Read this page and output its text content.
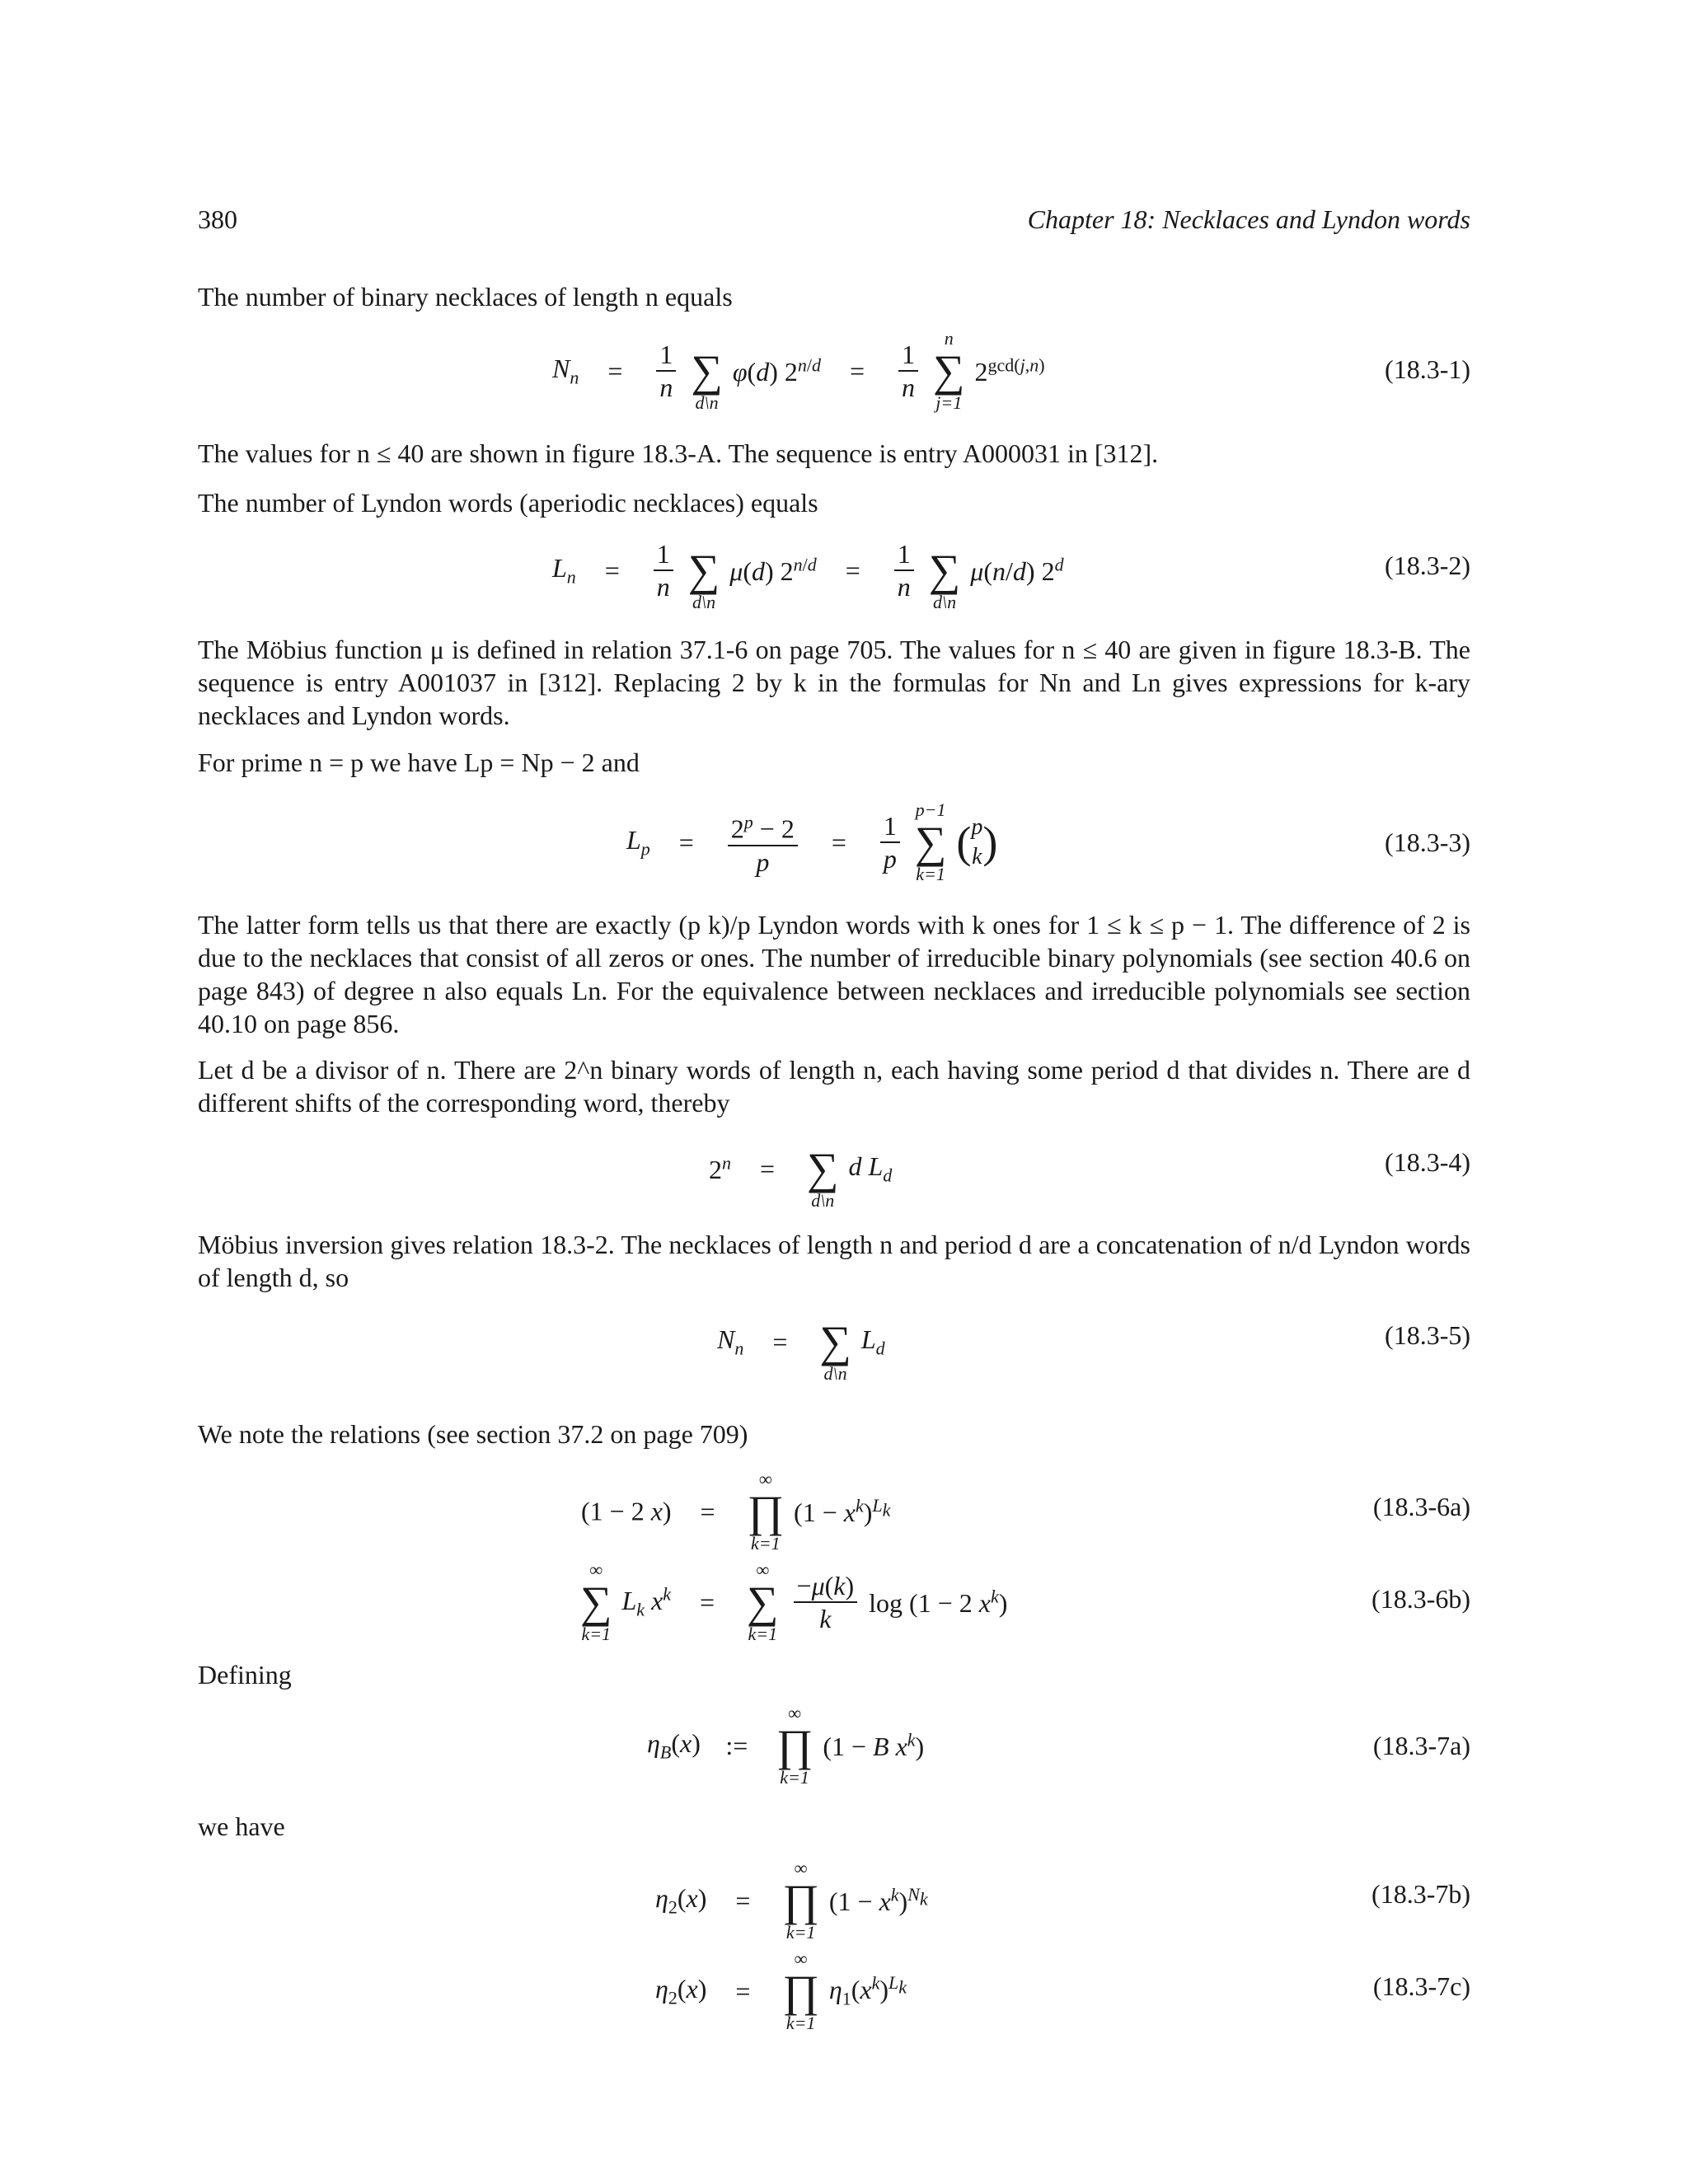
380	Chapter 18: Necklaces and Lyndon words
The number of binary necklaces of length n equals
$N_n = \frac{1}{n}$
∑
d\n
φ(d) $2^{n/d} = \frac{1}{n}$

n
∑
j=1
$2^{gcd(j,n)}$	(18.3-1)
The values for n ≤ 40 are shown in figure 18.3-A. The sequence is entry A000031 in [312].
The number of Lyndon words (aperiodic necklaces) equals
$L_n = \frac{1}{n}$
∑
d\n
μ(d) $2^{n/d} = \frac{1}{n}$
∑
d\n
μ(n/d) 2$^d$	(18.3-2)
The Möbius function μ is defined in relation 37.1-6 on page 705. The values for n ≤ 40 are given in figure 18.3-B. The sequence is entry A001037 in [312]. Replacing 2 by k in the formulas for Nn and Ln gives expressions for k-ary necklaces and Lyndon words.
For prime n = p we have Lp = Np − 2 and
$L_p = \frac{2^p - 2}{p} = \frac{1}{p}$

p−1
∑
k=1
(p
k)	(18.3-3)
The latter form tells us that there are exactly (p k)/p Lyndon words with k ones for 1 ≤ k ≤ p − 1. The difference of 2 is due to the necklaces that consist of all zeros or ones. The number of irreducible binary polynomials (see section 40.6 on page 843) of degree n also equals Ln. For the equivalence between necklaces and irreducible polynomials see section 40.10 on page 856.
Let d be a divisor of n. There are 2^n binary words of length n, each having some period d that divides n. There are d different shifts of the corresponding word, thereby
$2^n$ = ∑
d\n
d $L_d$	(18.3-4)
Möbius inversion gives relation 18.3-2. The necklaces of length n and period d are a concatenation of n/d Lyndon words of length d, so
$N_n$ = ∑
d\n
$L_d$	(18.3-5)
We note the relations (see section 37.2 on page 709)
(1 − 2 x) =
∞
∏
k=1
$(1 - x^k)^{L_k}$	(18.3-6a)
∞
∑
k=1
$L_k$ $x^k$ =
∞
∑
k=1
$\frac{-\mu(k)}{k}$ log (1 − 2 $x^k$)	(18.3-6b)
Defining
$\eta_B(x)$ :=
∞
∏
k=1
(1 − B $x^k$)	(18.3-7a)
we have
$\eta_2(x)$ =
∞
∏
k=1
$(1 - x^k)^{N_k}$	(18.3-7b)
$\eta_2(x)$ =
∞
∏
k=1
$\eta_1(x^k)^{L_k}$	(18.3-7c)
